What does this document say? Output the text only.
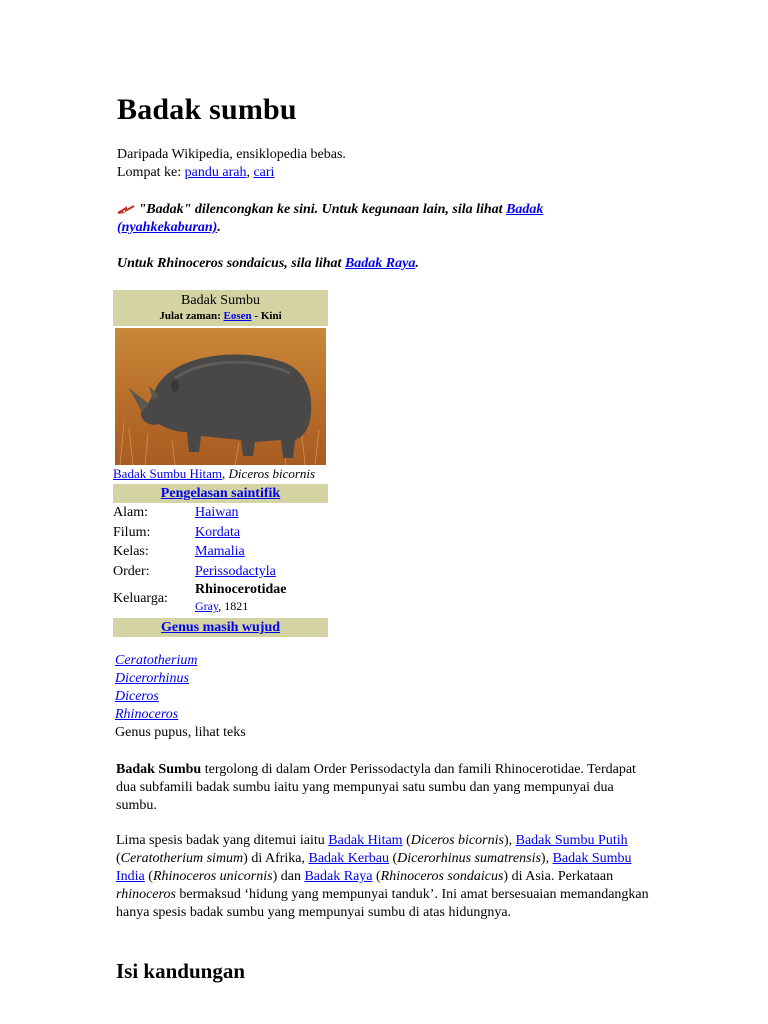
Badak sumbu
Daripada Wikipedia, ensiklopedia bebas.
Lompat ke: pandu arah, cari
"Badak" dilencongkan ke sini. Untuk kegunaan lain, sila lihat Badak (nyahkekaburan).
Untuk Rhinoceros sondaicus, sila lihat Badak Raya.
Badak Sumbu
Julat zaman: Eosen - Kini
Badak Sumbu Hitam, Diceros bicornis
Pengelasan saintifik
Alam:	Haiwan
Filum:	Kordata
Kelas:	Mamalia
Order:	Perissodactyla
Keluarga:
Rhinocerotidae
Gray, 1821
Genus masih wujud
Ceratotherium
Dicerorhinus
Diceros
Rhinoceros
Genus pupus, lihat teks

Badak Sumbu tergolong di dalam Order Perissodactyla dan famili Rhinocerotidae. Terdapat dua subfamili badak sumbu iaitu yang mempunyai satu sumbu dan yang mempunyai dua sumbu.

Lima spesis badak yang ditemui iaitu Badak Hitam (Diceros bicornis), Badak Sumbu Putih (Ceratotherium simum) di Afrika, Badak Kerbau (Dicerorhinus sumatrensis), Badak Sumbu India (Rhinoceros unicornis) dan Badak Raya (Rhinoceros sondaicus) di Asia. Perkataan rhinoceros bermaksud ‘hidung yang mempunyai tanduk’. Ini amat bersesuaian memandangkan hanya spesis badak sumbu yang mempunyai sumbu di atas hidungnya.

Isi kandungan
